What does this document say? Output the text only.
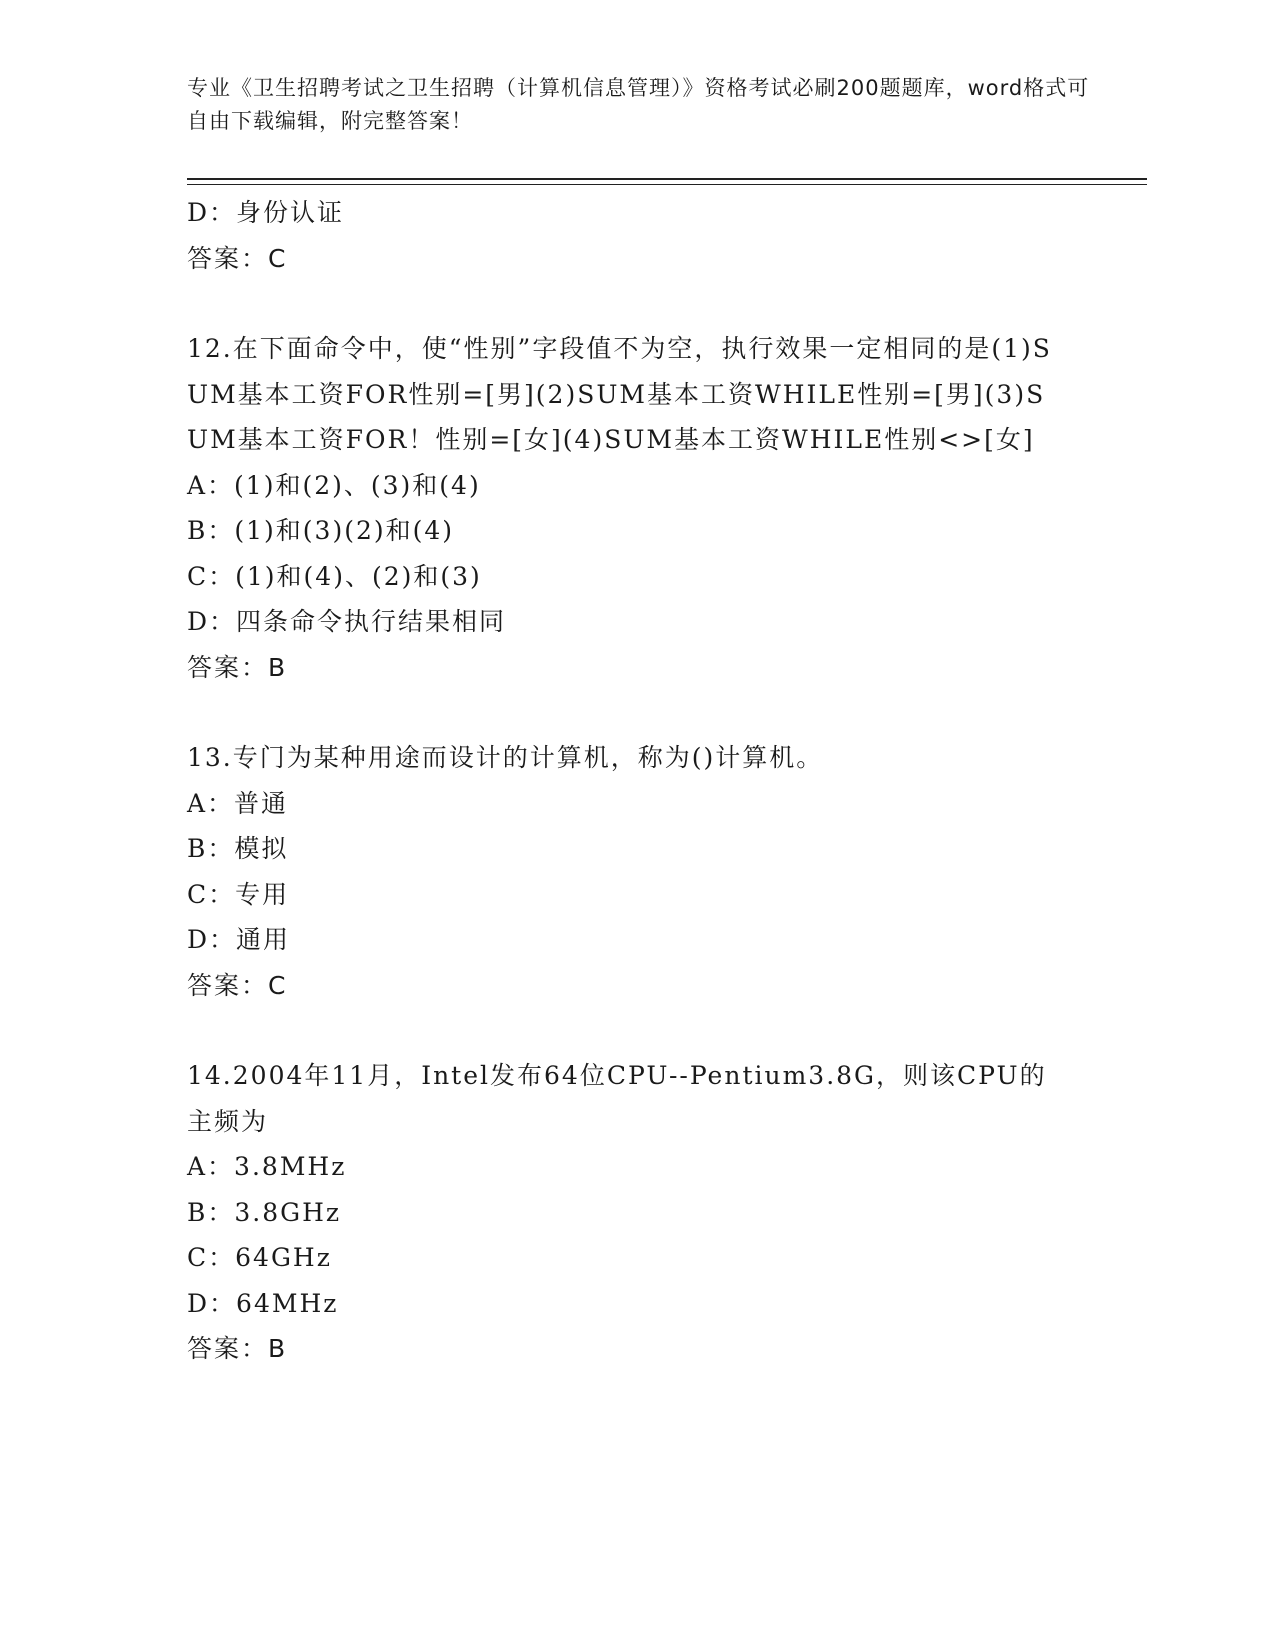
专业《卫生招聘考试之卫生招聘（计算机信息管理）》资格考试必刷200题题库，word格式可自由下载编辑，附完整答案！
D：身份认证
答案：C
12.在下面命令中，使“性别”字段值不为空，执行效果一定相同的是(1)SUM基本工资FOR性别=[男](2)SUM基本工资WHILE性别=[男](3)SUM基本工资FOR！性别=[女](4)SUM基本工资WHILE性别<>[女]
A：(1)和(2)、(3)和(4)
B：(1)和(3)(2)和(4)
C：(1)和(4)、(2)和(3)
D：四条命令执行结果相同
答案：B
13.专门为某种用途而设计的计算机，称为()计算机。
A：普通
B：模拟
C：专用
D：通用
答案：C
14.2004年11月，Intel发布64位CPU--Pentium3.8G，则该CPU的主频为
A：3.8MHz
B：3.8GHz
C：64GHz
D：64MHz
答案：B
